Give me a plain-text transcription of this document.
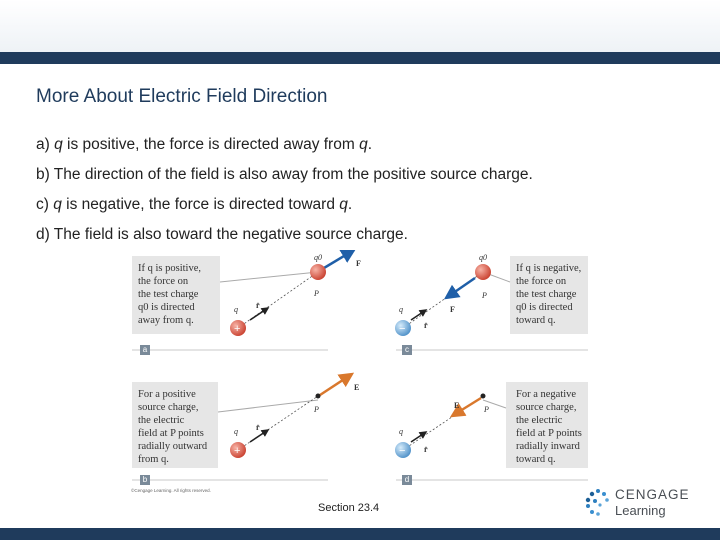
More About Electric Field Direction
a) q is positive, the force is directed away from q.
b) The direction of the field is also away from the positive source charge.
c) q is negative, the force is directed toward q.
d) The field is also toward the negative source charge.
+
q0
F
P
q r̂
−
q0
F
P
q
r̂
+
E
P
q r̂
−
E	P
q
r̂
If q is positive,
the force on
the test charge
q0 is directed
away from q.
If q is negative,
the force on
the test charge
q0 is directed
toward q.
For a positive
source charge,
the electric
field at P points
radially outward
from q.
For a negative
source charge,
the electric
field at P points
radially inward
toward q.
a	c
b	d
©Cengage Learning. All rights reserved.
Section 23.4
CENGAGE
Learning
